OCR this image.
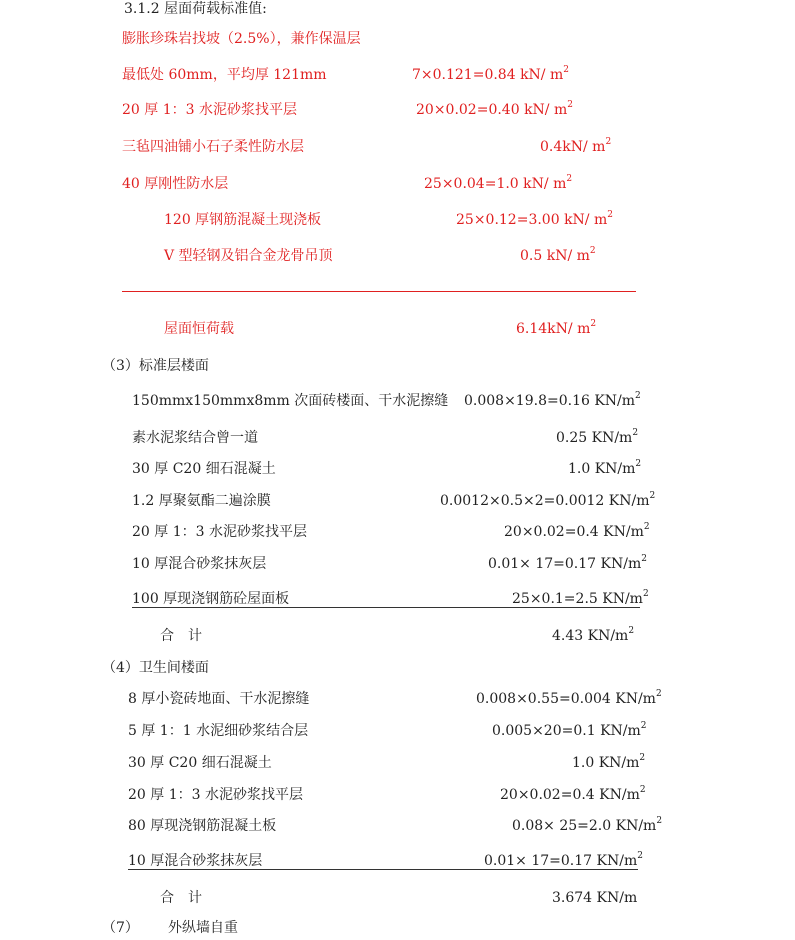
3.1.2 屋面荷载标准值:
膨胀珍珠岩找坡（2.5%），兼作保温层
最低处 60mm，平均厚 121mm	7×0.121=0.84 kN/ $m^2$
20 厚 1：3 水泥砂浆找平层	20×0.02=0.40 kN/ $m^2$
三毡四油铺小石子柔性防水层	0.4kN/ $m^2$
40 厚刚性防水层	25×0.04=1.0 kN/ $m^2$
120 厚钢筋混凝土现浇板	25×0.12=3.00 kN/ $m^2$
V 型轻钢及铝合金龙骨吊顶	0.5 kN/ $m^2$
屋面恒荷载	6.14kN/ $m^2$
（3）标准层楼面
150mmx150mmx8mm 次面砖楼面、干水泥擦缝 0.008×19.8=0.16 $KN/m^2$
素水泥浆结合曾一道	0.25 $KN/m^2$
30 厚 C20 细石混凝土	1.0 $KN/m^2$
1.2 厚聚氨酯二遍涂膜	0.0012×0.5×2=0.0012 $KN/m^2$
20 厚 1：3 水泥砂浆找平层	20×0.02=0.4 $KN/m^2$
10 厚混合砂浆抹灰层	0.01× 17=0.17 $KN/m^2$
100 厚现浇钢筋砼屋面板	25×0.1=2.5 $KN/m^2$
合　计	4.43 $KN/m^2$
（4）卫生间楼面
8 厚小瓷砖地面、干水泥擦缝	0.008×0.55=0.004 $KN/m^2$
5 厚 1：1 水泥细砂浆结合层	0.005×20=0.1 $KN/m^2$
30 厚 C20 细石混凝土	1.0 $KN/m^2$
20 厚 1：3 水泥砂浆找平层	20×0.02=0.4 $KN/m^2$
80 厚现浇钢筋混凝土板	0.08× 25=2.0 $KN/m^2$
10 厚混合砂浆抹灰层	0.01× 17=0.17 $KN/m^2$
合　计	3.674 KN/m
（7） 外纵墙自重
